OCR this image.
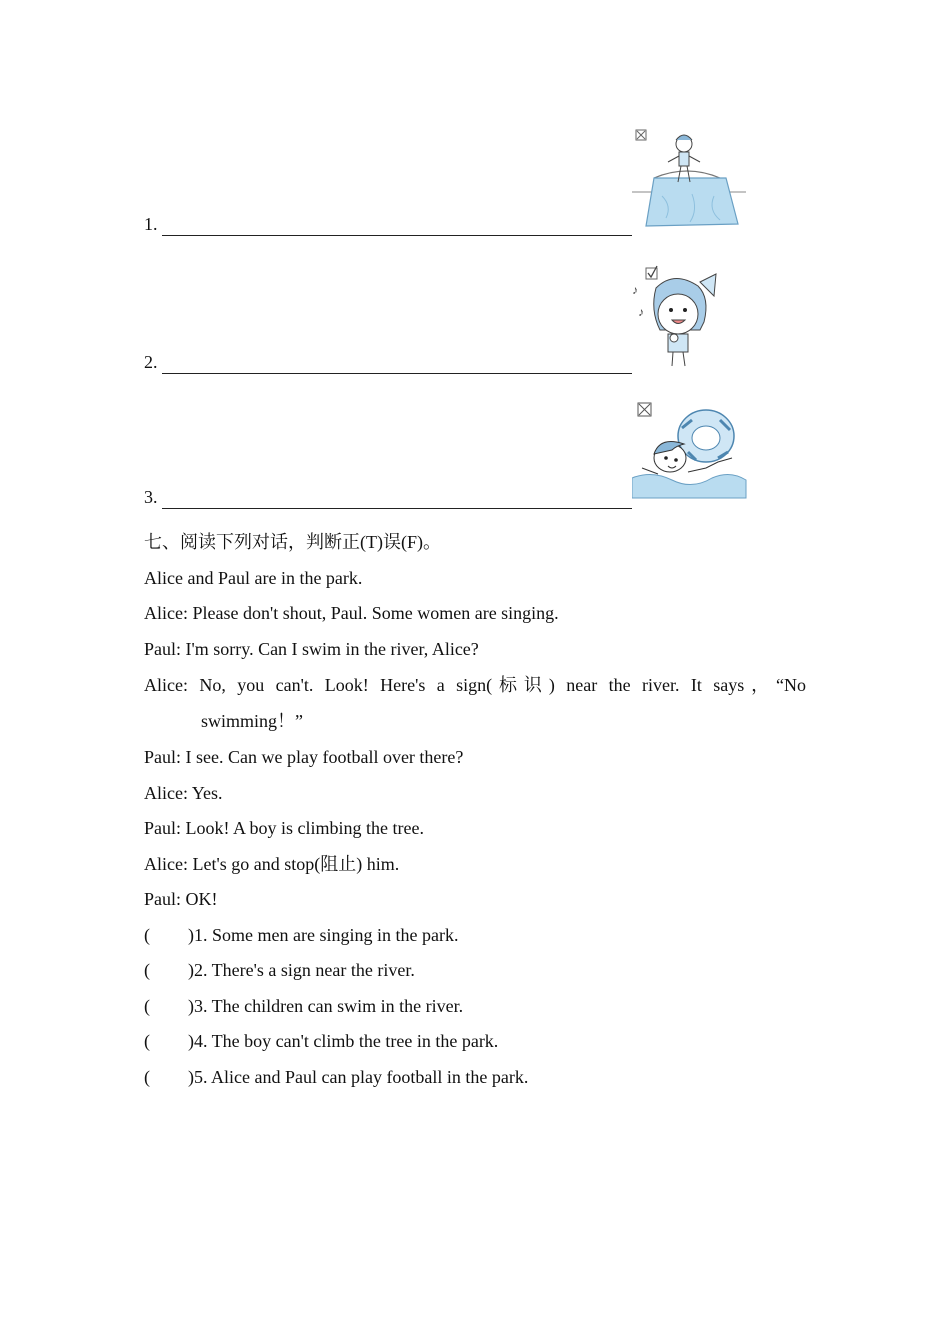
1.
2.
♪
♪
3.
七、阅读下列对话，判断正(T)误(F)。
Alice and Paul are in the park.
Alice: Please don't shout, Paul. Some women are singing.
Paul: I'm sorry. Can I swim in the river, Alice?
Alice: No, you can't. Look! Here's a sign(标识) near the river. It says，“No
swimming！”
Paul: I see. Can we play football over there?
Alice: Yes.
Paul: Look! A boy is climbing the tree.
Alice: Let's go and stop(阻止) him.
Paul: OK!
( )1. Some men are singing in the park.
( )2. There's a sign near the river.
( )3. The children can swim in the river.
( )4. The boy can't climb the tree in the park.
( )5. Alice and Paul can play football in the park.
